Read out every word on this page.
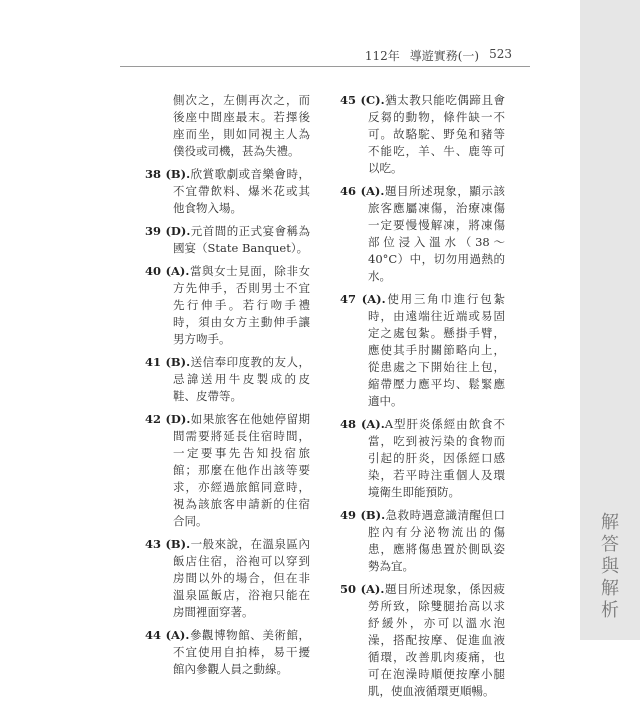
112年 導遊實務(一) 523
側次之，左側再次之，而後座中間座最末。若擇後座而坐，則如同視主人為僕役或司機，甚為失禮。
38 (B).欣賞歌劇或音樂會時，不宜帶飲料、爆米花或其他食物入場。
39 (D).元首間的正式宴會稱為國宴（State Banquet）。
40 (A).當與女士見面，除非女方先伸手，否則男士不宜先行伸手。若行吻手禮時，須由女方主動伸手讓男方吻手。
41 (B).送信奉印度教的友人，忌諱送用牛皮製成的皮鞋、皮帶等。
42 (D).如果旅客在他她停留期間需要將延長住宿時間，一定要事先告知投宿旅館；那麼在他作出該等要求，亦經過旅館同意時，視為該旅客申請新的住宿合同。
43 (B).一般來說，在溫泉區內飯店住宿，浴袍可以穿到房間以外的場合，但在非溫泉區飯店，浴袍只能在房間裡面穿著。
44 (A).參觀博物館、美術館，不宜使用自拍棒，易干擾館內參觀人員之動線。
45 (C).猶太教只能吃偶蹄且會反芻的動物，條件缺一不可。故駱駝、野兔和豬等不能吃，羊、牛、鹿等可以吃。
46 (A).題目所述現象，顯示該旅客應屬凍傷，治療凍傷一定要慢慢解凍，將凍傷部位浸入溫水（38～40°C）中，切勿用過熱的水。
47 (A).使用三角巾進行包紮時，由遠端往近端或易固定之處包紮。懸掛手臂，應使其手肘關節略向上，從患處之下開始往上包，縮帶壓力應平均、鬆緊應適中。
48 (A).A型肝炎係經由飲食不當，吃到被污染的食物而引起的肝炎，因係經口感染，若平時注重個人及環境衛生即能預防。
49 (B).急救時遇意識清醒但口腔內有分泌物流出的傷患，應將傷患置於側臥姿勢為宜。
50 (A).題目所述現象，係因疲勞所致，除雙腿抬高以求紓緩外，亦可以溫水泡澡，搭配按摩、促進血液循環，改善肌肉痠痛，也可在泡澡時順便按摩小腿肌，使血液循環更順暢。
解答與解析
